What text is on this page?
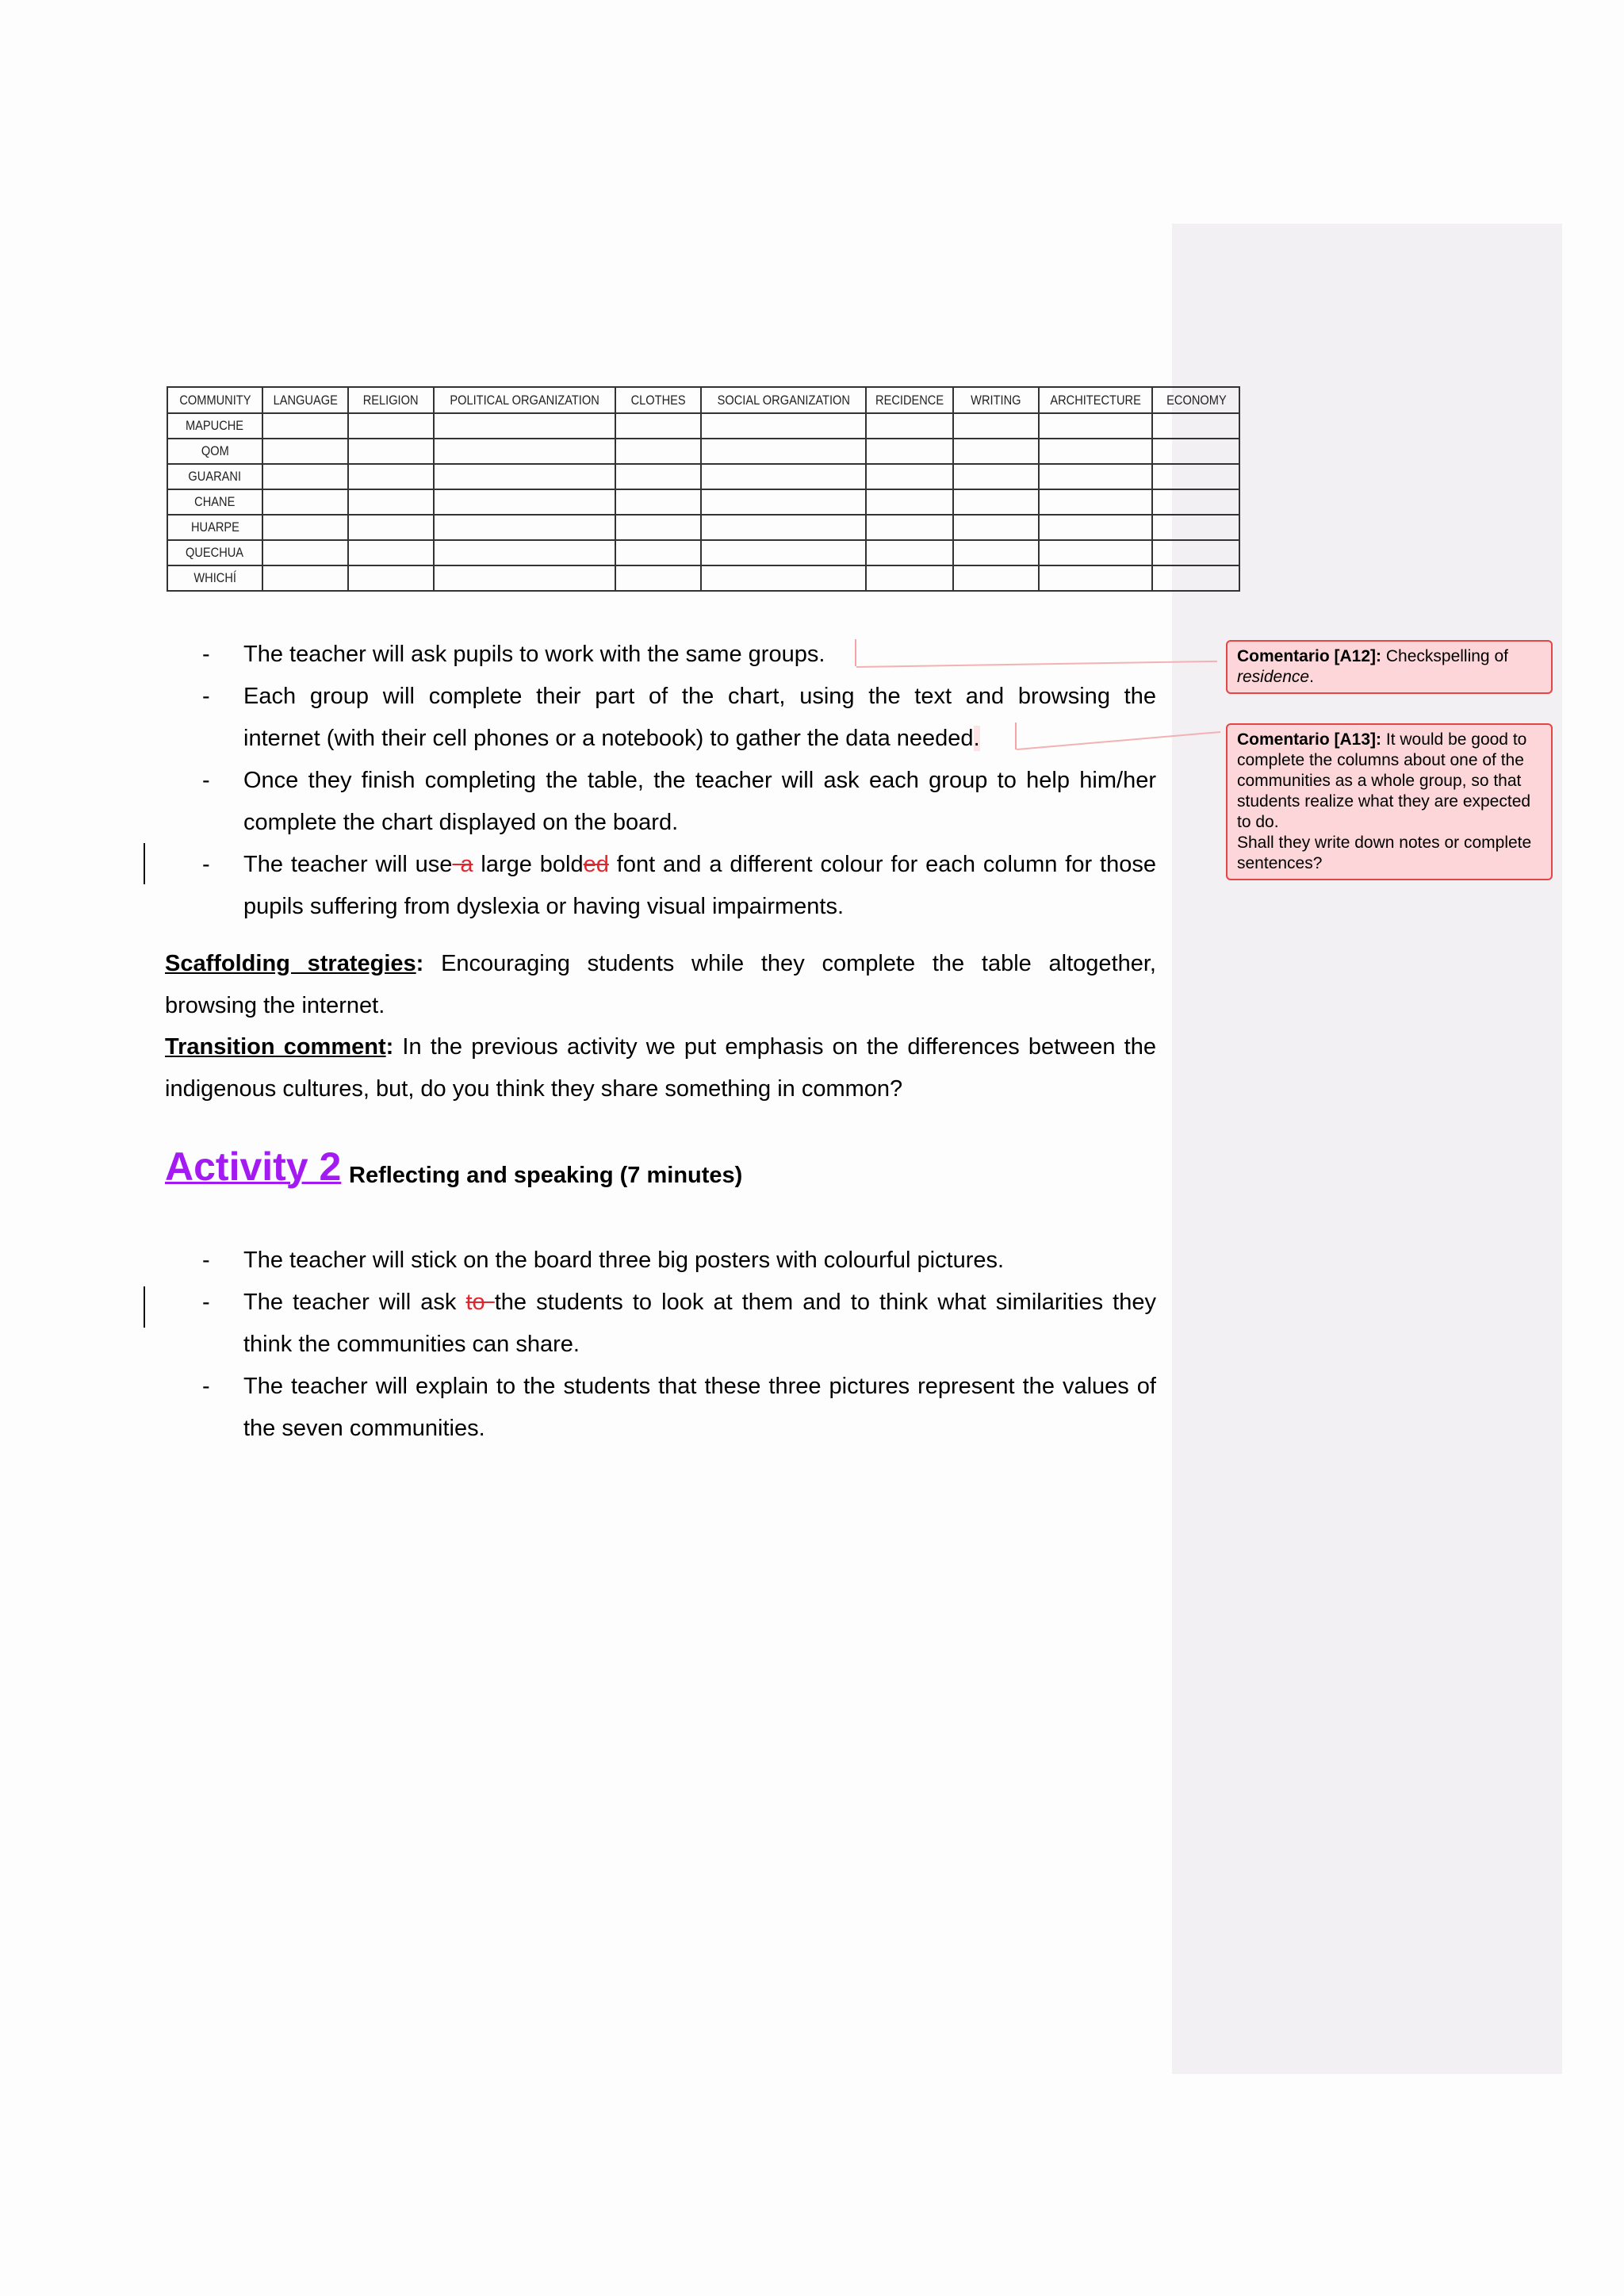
COMMUNITY	LANGUAGE	RELIGION	POLITICAL ORGANIZATION	CLOTHES	SOCIAL ORGANIZATION	RECIDENCE	WRITING	ARCHITECTURE	ECONOMY
MAPUCHE									
QOM									
GUARANI									
CHANE									
HUARPE									
QUECHUA									
WHICHÍ									
- The teacher will ask pupils to work with the same groups.
- Each group will complete their part of the chart, using the text and browsing the
internet (with their cell phones or a notebook) to gather the data needed.
- Once they finish completing the table, the teacher will ask each group to help him/her complete the chart displayed on the board.
- The teacher will use a large bolded font and a different colour for each column for those pupils suffering from dyslexia or having visual impairments.
Scaffolding strategies: Encouraging students while they complete the table altogether, browsing the internet.
Transition comment: In the previous activity we put emphasis on the differences between the indigenous cultures, but, do you think they share something in common?
Activity 2 Reflecting and speaking (7 minutes)
- The teacher will stick on the board three big posters with colourful pictures.
- The teacher will ask to the students to look at them and to think what similarities they think the communities can share.
- The teacher will explain to the students that these three pictures represent the values of the seven communities.
Comentario [A12]: Checkspelling of residence.
Comentario [A13]: It would be good to complete the columns about one of the communities as a whole group, so that students realize what they are expected to do.
Shall they write down notes or complete sentences?
